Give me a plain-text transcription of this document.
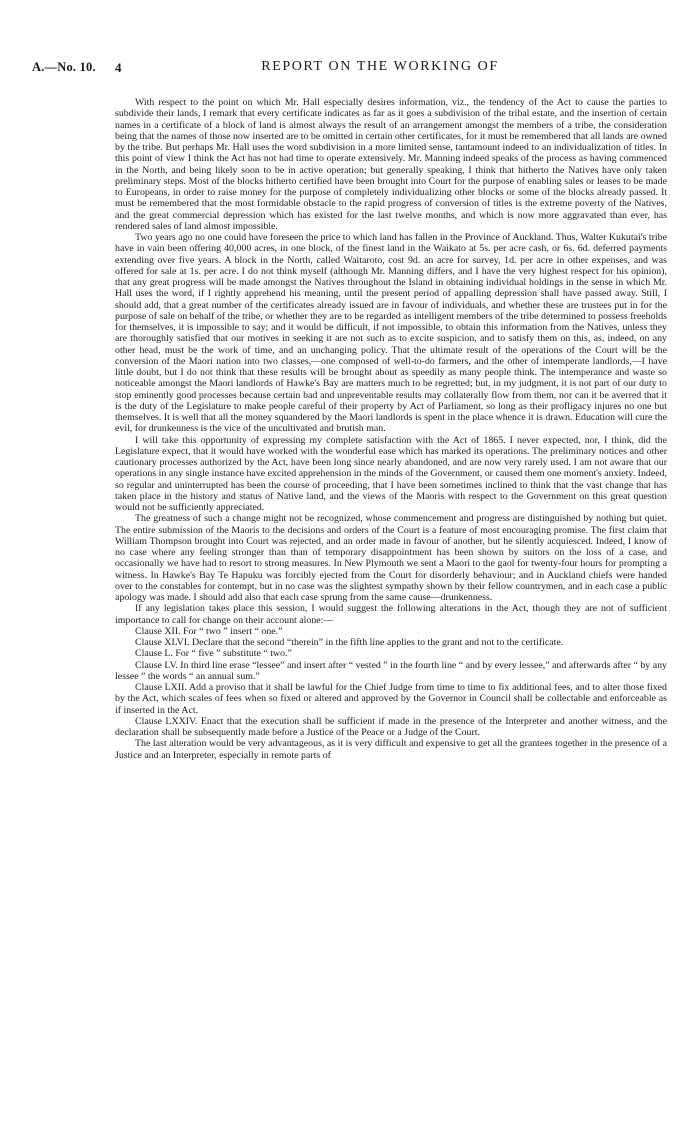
A.—No. 10. 4	REPORT ON THE WORKING OF

With respect to the point on which Mr. Hall especially desires information, viz., the tendency of the Act to cause the parties to subdivide their lands, I remark that every certificate indicates as far as it goes a subdivision of the tribal estate, and the insertion of certain names in a certificate of a block of land is almost always the result of an arrangement amongst the members of a tribe, the consideration being that the names of those now inserted are to be omitted in certain other certificates, for it must be remembered that all lands are owned by the tribe. But perhaps Mr. Hall uses the word subdivision in a more limited sense, tantamount indeed to an individualization of titles. In this point of view I think the Act has not had time to operate extensively. Mr. Manning indeed speaks of the process as having commenced in the North, and being likely soon to be in active operation; but generally speaking, I think that hitherto the Natives have only taken preliminary steps. Most of the blocks hitherto certified have been brought into Court for the purpose of enabling sales or leases to be made to Europeans, in order to raise money for the purpose of completely individualizing other blocks or some of the blocks already passed. It must be remembered that the most formidable obstacle to the rapid progress of conversion of titles is the extreme poverty of the Natives, and the great commercial depression which has existed for the last twelve months, and which is now more aggravated than ever, has rendered sales of land almost impossible.

Two years ago no one could have foreseen the price to which land has fallen in the Province of Auckland. Thus, Walter Kukutai's tribe have in vain been offering 40,000 acres, in one block, of the finest land in the Waikato at 5s. per acre cash, or 6s. 6d. deferred payments extending over five years. A block in the North, called Waitaroto, cost 9d. an acre for survey, 1d. per acre in other expenses, and was offered for sale at 1s. per acre. I do not think myself (although Mr. Manning differs, and I have the very highest respect for his opinion), that any great progress will be made amongst the Natives throughout the Island in obtaining individual holdings in the sense in which Mr. Hall uses the word, if I rightly apprehend his meaning, until the present period of appalling depression shall have passed away. Still, I should add, that a great number of the certificates already issued are in favour of individuals, and whether these are trustees put in for the purpose of sale on behalf of the tribe, or whether they are to be regarded as intelligent members of the tribe determined to possess freeholds for themselves, it is impossible to say; and it would be difficult, if not impossible, to obtain this information from the Natives, unless they are thoroughly satisfied that our motives in seeking it are not such as to excite suspicion, and to satisfy them on this, as, indeed, on any other head, must be the work of time, and an unchanging policy. That the ultimate result of the operations of the Court will be the conversion of the Maori nation into two classes,—one composed of well-to-do farmers, and the other of intemperate landlords,—I have little doubt, but I do not think that these results will be brought about as speedily as many people think. The intemperance and waste so noticeable amongst the Maori landlords of Hawke's Bay are matters much to be regretted; but, in my judgment, it is not part of our duty to stop eminently good processes because certain bad and unpreventable results may collaterally flow from them, nor can it be averred that it is the duty of the Legislature to make people careful of their property by Act of Parliament, so long as their profligacy injures no one but themselves. It is well that all the money squandered by the Maori landlords is spent in the place whence it is drawn. Education will cure the evil, for drunkenness is the vice of the uncultivated and brutish man.

I will take this opportunity of expressing my complete satisfaction with the Act of 1865. I never expected, nor, I think, did the Legislature expect, that it would have worked with the wonderful ease which has marked its operations. The preliminary notices and other cautionary processes authorized by the Act, have been long since nearly abandoned, and are now very rarely used. I am not aware that our operations in any single instance have excited apprehension in the minds of the Government, or caused them one moment's anxiety. Indeed, so regular and uninterrupted has been the course of proceeding, that I have been sometimes inclined to think that the vast change that has taken place in the history and status of Native land, and the views of the Maoris with respect to the Government on this great question would not be sufficiently appreciated.

The greatness of such a change might not be recognized, whose commencement and progress are distinguished by nothing but quiet. The entire submission of the Maoris to the decisions and orders of the Court is a feature of most encouraging promise. The first claim that William Thompson brought into Court was rejected, and an order made in favour of another, but he silently acquiesced. Indeed, I know of no case where any feeling stronger than than of temporary disappointment has been shown by suitors on the loss of a case, and occasionally we have had to resort to strong measures. In New Plymouth we sent a Maori to the gaol for twenty-four hours for prompting a witness. In Hawke's Bay Te Hapuku was forcibly ejected from the Court for disorderly behaviour; and in Auckland chiefs were handed over to the constables for contempt, but in no case was the slightest sympathy shown by their fellow countrymen, and in each case a public apology was made. I should add also that each case sprung from the same cause—drunkenness.

If any legislation takes place this session, I would suggest the following alterations in the Act, though they are not of sufficient importance to call for change on their account alone:—

Clause XII. For “ two ” insert “ one.”

Clause XLVI. Declare that the second “therein” in the fifth line applies to the grant and not to the certificate.

Clause L. For “ five ” substitute “ two.”

Clause LV. In third line erase “lessee” and insert after “ vested ” in the fourth line “ and by every lessee,” and afterwards after “ by any lessee ” the words “ an annual sum.”

Clause LXII. Add a proviso that it shall be lawful for the Chief Judge from time to time to fix additional fees, and to alter those fixed by the Act, which scales of fees when so fixed or altered and approved by the Governor in Council shall be collectable and enforceable as if inserted in the Act.

Clause LXXIV. Enact that the execution shall be sufficient if made in the presence of the Interpreter and another witness, and the declaration shall be subsequently made before a Justice of the Peace or a Judge of the Court.

The last alteration would be very advantageous, as it is very difficult and expensive to get all the grantees together in the presence of a Justice and an Interpreter, especially in remote parts of
